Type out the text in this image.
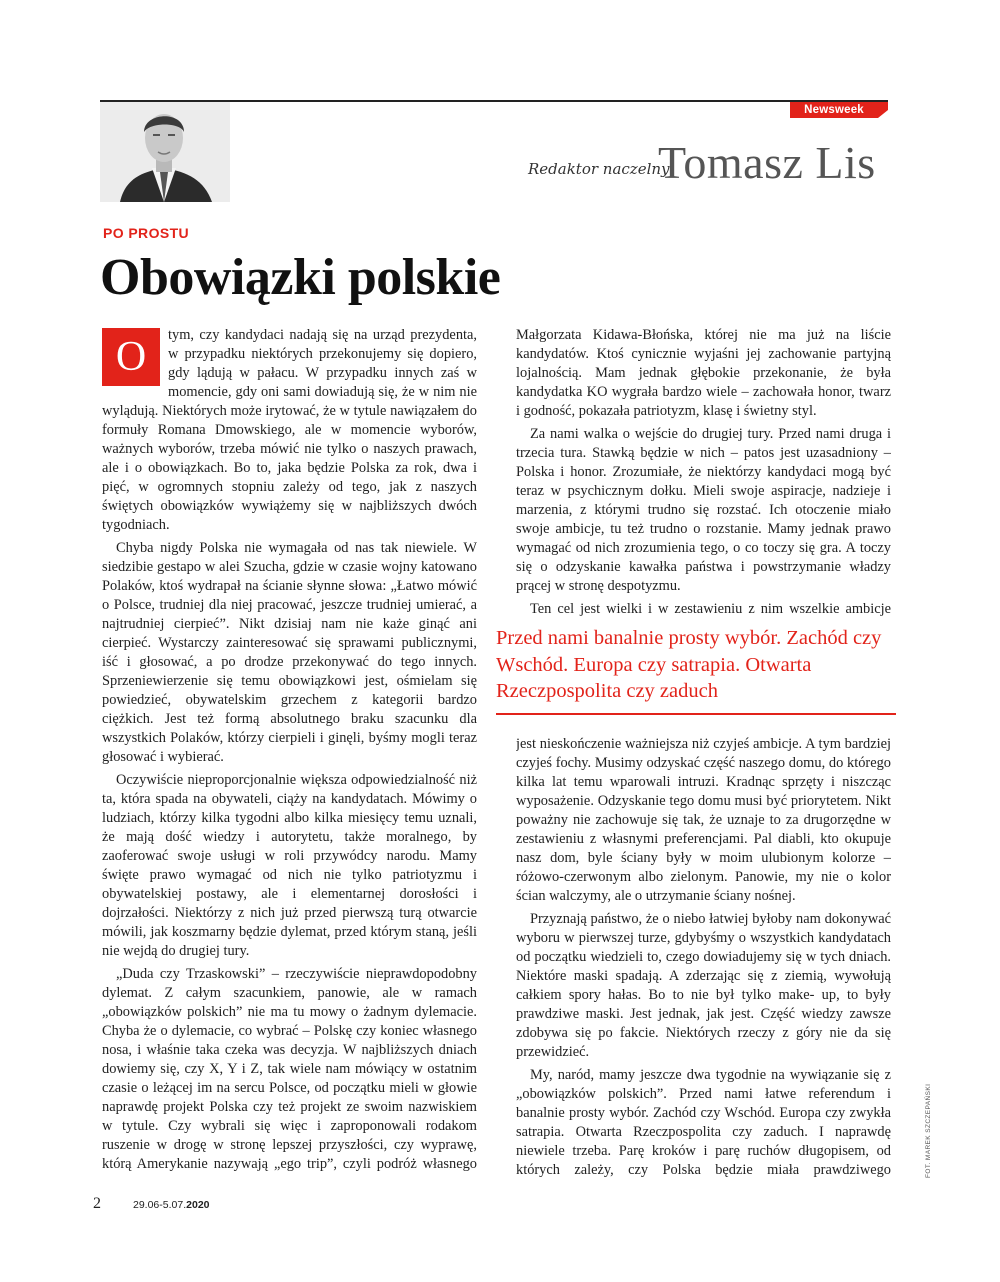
Newsweek
Redaktor naczelny
Tomasz Lis
PO PROSTU
Obowiązki polskie

O	tym, czy kandydaci nadają się na urząd prezydenta, w przypadku niektórych przekonujemy się dopiero, gdy lądują w pałacu. W przypadku innych zaś w momencie, gdy oni sami dowiadują się, że w nim nie wylądują. Niektórych może irytować, że w tytule nawiązałem do formuły Romana Dmowskiego, ale w momencie wyborów, ważnych wyborów, trzeba mówić nie tylko o naszych prawach, ale i o obowiązkach. Bo to, jaka będzie Polska za rok, dwa i pięć, w ogromnych stopniu zależy od tego, jak z naszych świętych obowiązków wywiążemy się w najbliższych dwóch tygodniach.

Chyba nigdy Polska nie wymagała od nas tak niewiele. W siedzibie gestapo w alei Szucha, gdzie w czasie wojny katowano Polaków, ktoś wydrapał na ścianie słynne słowa: „Łatwo mówić o Polsce, trudniej dla niej pracować, jeszcze trudniej umierać, a najtrudniej cierpieć”. Nikt dzisiaj nam nie każe ginąć ani cierpieć. Wystarczy zainteresować się sprawami publicznymi, iść i głosować, a po drodze przekonywać do tego innych. Sprzeniewierzenie się temu obowiązkowi jest, ośmielam się powiedzieć, obywatelskim grzechem z kategorii bardzo ciężkich. Jest też formą absolutnego braku szacunku dla wszystkich Polaków, którzy cierpieli i ginęli, byśmy mogli teraz głosować i wybierać.

Oczywiście nieproporcjonalnie większa odpowiedzialność niż ta, która spada na obywateli, ciąży na kandydatach. Mówimy o ludziach, którzy kilka tygodni albo kilka miesięcy temu uznali, że mają dość wiedzy i autorytetu, także moralnego, by zaoferować swoje usługi w roli przywódcy narodu. Mamy święte prawo wymagać od nich nie tylko patriotyzmu i obywatelskiej postawy, ale i elementarnej dorosłości i dojrzałości. Niektórzy z nich już przed pierwszą turą otwarcie mówili, jak koszmarny będzie dylemat, przed którym staną, jeśli nie wejdą do drugiej tury.

„Duda czy Trzaskowski” – rzeczywiście nieprawdopodobny dylemat. Z całym szacunkiem, panowie, ale w ramach „obowiązków polskich” nie ma tu mowy o żadnym dylemacie. Chyba że o dylemacie, co wybrać – Polskę czy koniec własnego nosa, i właśnie taka czeka was decyzja. W najbliższych dniach dowiemy się, czy X, Y i Z, tak wiele nam mówiący w ostatnim czasie o leżącej im na sercu Polsce, od początku mieli w głowie naprawdę projekt Polska czy też projekt ze swoim nazwiskiem w tytule. Czy wybrali się więc i zaproponowali rodakom ruszenie w drogę w stronę lepszej przyszłości, czy wyprawę, którą Amerykanie nazywają „ego trip”, czyli podróż własnego

Małgorzata Kidawa-Błońska, której nie ma już na liście kandydatów. Ktoś cynicznie wyjaśni jej zachowanie partyjną lojalnością. Mam jednak głębokie przekonanie, że była kandydatka KO wygrała bardzo wiele – zachowała honor, twarz i godność, pokazała patriotyzm, klasę i świetny styl.

Za nami walka o wejście do drugiej tury. Przed nami druga i trzecia tura. Stawką będzie w nich – patos jest uzasadniony – Polska i honor. Zrozumiałe, że niektórzy kandydaci mogą być teraz w psychicznym dołku. Mieli swoje aspiracje, nadzieje i marzenia, z którymi trudno się rozstać. Ich otoczenie miało swoje ambicje, tu też trudno o rozstanie. Mamy jednak prawo wymagać od nich zrozumienia tego, o co toczy się gra. A toczy się o odzyskanie kawałka państwa i powstrzymanie władzy prącej w stronę despotyzmu.

Ten cel jest wielki i w zestawieniu z nim wszelkie ambicje

Przed nami banalnie prosty wybór. Zachód czy Wschód. Europa czy satrapia. Otwarta Rzeczpospolita czy zaduch

jest nieskończenie ważniejsza niż czyjeś ambicje. A tym bardziej czyjeś fochy. Musimy odzyskać część naszego domu, do którego kilka lat temu wparowali intruzi. Kradnąc sprzęty i niszcząc wyposażenie. Odzyskanie tego domu musi być priorytetem. Nikt poważny nie zachowuje się tak, że uznaje to za drugorzędne w zestawieniu z własnymi preferencjami. Pal diabli, kto okupuje nasz dom, byle ściany były w moim ulubionym kolorze – różowo-czerwonym albo zielonym. Panowie, my nie o kolor ścian walczymy, ale o utrzymanie ściany nośnej.

Przyznają państwo, że o niebo łatwiej byłoby nam dokonywać wyboru w pierwszej turze, gdybyśmy o wszystkich kandydatach od początku wiedzieli to, czego dowiadujemy się w tych dniach. Niektóre maski spadają. A zderzając się z ziemią, wywołują całkiem spory hałas. Bo to nie był tylko make- up, to były prawdziwe maski. Jest jednak, jak jest. Część wiedzy zawsze zdobywa się po fakcie. Niektórych rzeczy z góry nie da się przewidzieć.

My, naród, mamy jeszcze dwa tygodnie na wywiązanie się z „obowiązków polskich”. Przed nami łatwe referendum i banalnie prosty wybór. Zachód czy Wschód. Europa czy zwykła satrapia. Otwarta Rzeczpospolita czy zaduch. I naprawdę niewiele trzeba. Parę kroków i parę ruchów długopisem, od których zależy, czy Polska będzie miała prawdziwego	FOT. MAREK SZCZEPAŃSKI
2	29.06-5.07.2020
